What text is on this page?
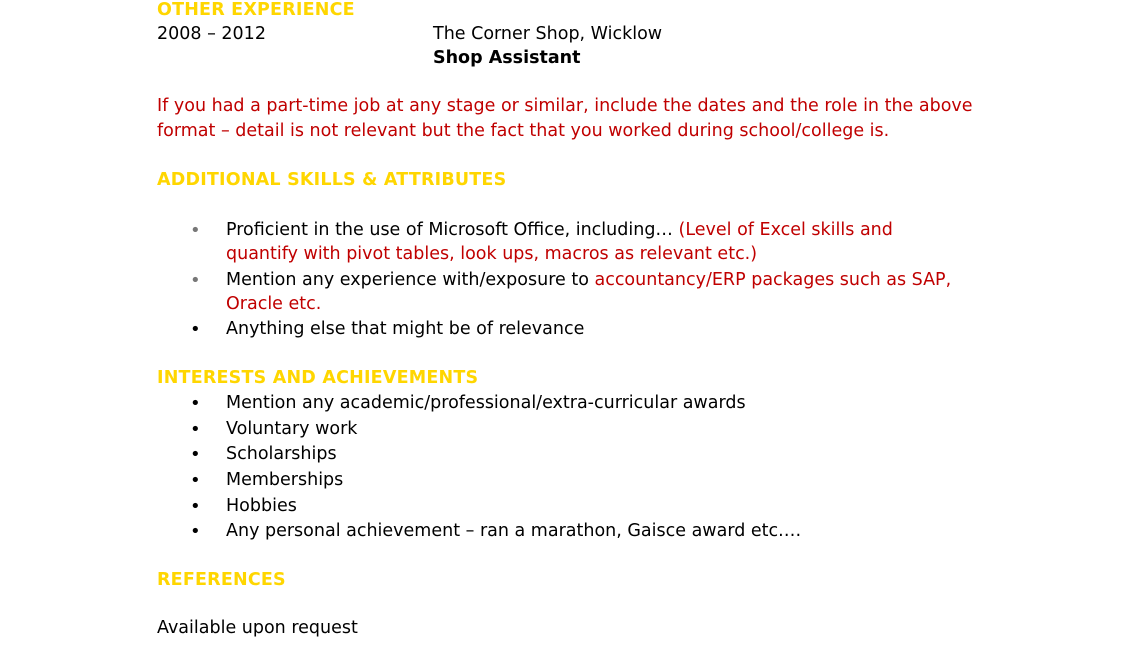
OTHER EXPERIENCE
2008 – 2012	The Corner Shop, Wicklow
Shop Assistant
If you had a part-time job at any stage or similar, include the dates and the role in the above
format – detail is not relevant but the fact that you worked during school/college is.
ADDITIONAL SKILLS & ATTRIBUTES
• Proficient in the use of Microsoft Office, including… (Level of Excel skills and
quantify with pivot tables, look ups, macros as relevant etc.)
• Mention any experience with/exposure to accountancy/ERP packages such as SAP,
Oracle etc.
• Anything else that might be of relevance
INTERESTS AND ACHIEVEMENTS
• Mention any academic/professional/extra-curricular awards
• Voluntary work
• Scholarships
• Memberships
• Hobbies
• Any personal achievement – ran a marathon, Gaisce award etc.…
REFERENCES
Available upon request
